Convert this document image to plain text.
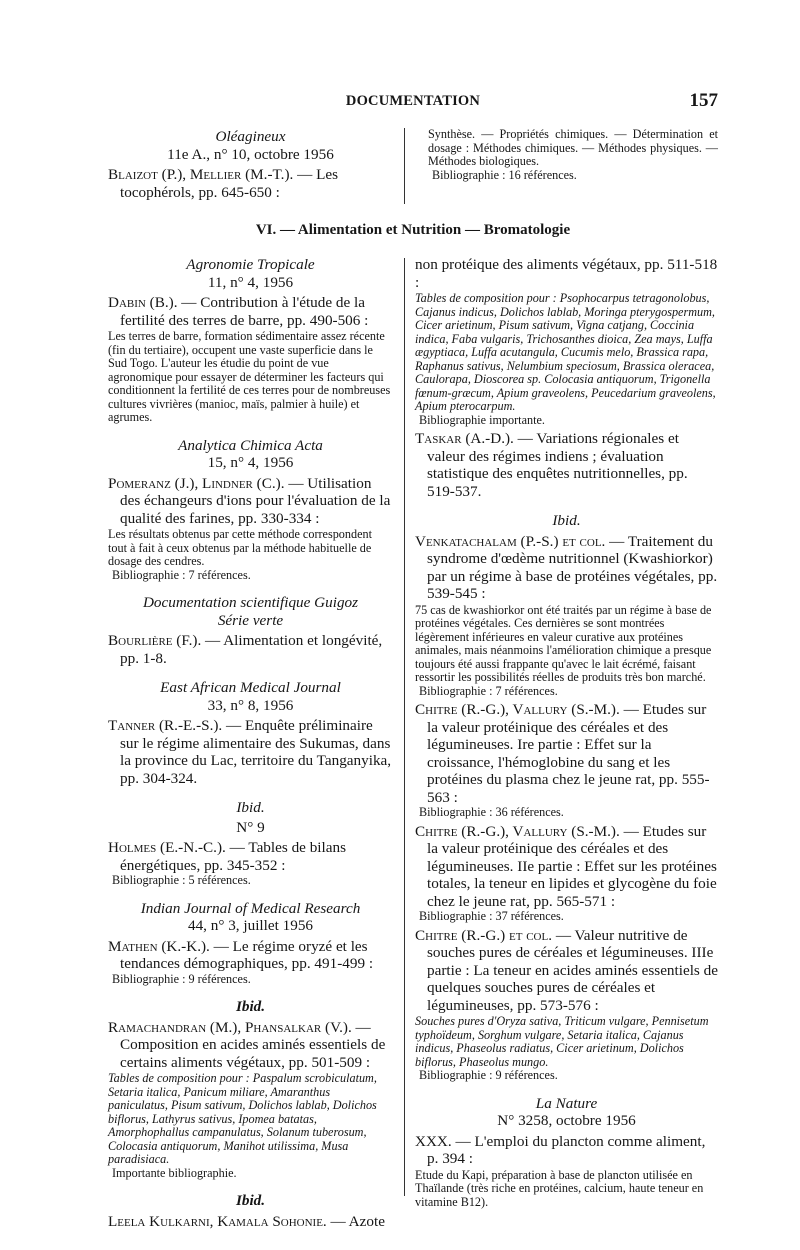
DOCUMENTATION	157

Oléagineux

11e A., n° 10, octobre 1956

Blaizot (P.), Mellier (M.-T.). — Les tocophérols, pp. 645-650 :

Synthèse. — Propriétés chimiques. — Détermination et dosage : Méthodes chimiques. — Méthodes physiques. — Méthodes biologiques.

Bibliographie : 16 références.

VI. — Alimentation et Nutrition — Bromatologie

Agronomie Tropicale

11, n° 4, 1956

Dabin (B.). — Contribution à l'étude de la fertilité des terres de barre, pp. 490-506 :

Les terres de barre, formation sédimentaire assez récente (fin du tertiaire), occupent une vaste superficie dans le Sud Togo. L'auteur les étudie du point de vue agronomique pour essayer de déterminer les facteurs qui conditionnent la fertilité de ces terres pour de nombreuses cultures vivrières (manioc, maïs, palmier à huile) et agrumes.

Analytica Chimica Acta

15, n° 4, 1956

Pomeranz (J.), Lindner (C.). — Utilisation des échangeurs d'ions pour l'évaluation de la qualité des farines, pp. 330-334 :

Les résultats obtenus par cette méthode correspondent tout à fait à ceux obtenus par la méthode habituelle de dosage des cendres.

Bibliographie : 7 références.

Documentation scientifique Guigoz

Série verte

Bourlière (F.). — Alimentation et longévité, pp. 1-8.

East African Medical Journal

33, n° 8, 1956

Tanner (R.-E.-S.). — Enquête préliminaire sur le régime alimentaire des Sukumas, dans la province du Lac, territoire du Tanganyika, pp. 304-324.

Ibid.

N° 9

Holmes (E.-N.-C.). — Tables de bilans énergétiques, pp. 345-352 :

Bibliographie : 5 références.

Indian Journal of Medical Research

44, n° 3, juillet 1956

Mathen (K.-K.). — Le régime oryzé et les tendances démographiques, pp. 491-499 :

Bibliographie : 9 références.

Ibid.

Ramachandran (M.), Phansalkar (V.). — Composition en acides aminés essentiels de certains aliments végétaux, pp. 501-509 :

Tables de composition pour : Paspalum scrobiculatum, Setaria italica, Panicum miliare, Amaranthus paniculatus, Pisum sativum, Dolichos lablab, Dolichos biflorus, Lathyrus sativus, Ipomea batatas, Amorphophallus campanulatus, Solanum tuberosum, Colocasia antiquorum, Manihot utilissima, Musa paradisiaca.

Importante bibliographie.

Ibid.

Leela Kulkarni, Kamala Sohonie. — Azote

non protéique des aliments végétaux, pp. 511-518 :

Tables de composition pour : Psophocarpus tetragonolobus, Cajanus indicus, Dolichos lablab, Moringa pterygospermum, Cicer arietinum, Pisum sativum, Vigna catjang, Coccinia indica, Faba vulgaris, Trichosanthes dioica, Zea mays, Luffa ægyptiaca, Luffa acutangula, Cucumis melo, Brassica rapa, Raphanus sativus, Nelumbium speciosum, Brassica oleracea, Caulorapa, Dioscorea sp. Colocasia antiquorum, Trigonella fœnum-græcum, Apium graveolens, Peucedarium graveolens, Apium pterocarpum.

Bibliographie importante.

Taskar (A.-D.). — Variations régionales et valeur des régimes indiens ; évaluation statistique des enquêtes nutritionnelles, pp. 519-537.

Ibid.

Venkatachalam (P.-S.) et col. — Traitement du syndrome d'œdème nutritionnel (Kwashiorkor) par un régime à base de protéines végétales, pp. 539-545 :

75 cas de kwashiorkor ont été traités par un régime à base de protéines végétales. Ces dernières se sont montrées légèrement inférieures en valeur curative aux protéines animales, mais néanmoins l'amélioration chimique a presque toujours été aussi frappante qu'avec le lait écrémé, faisant ressortir les possibilités réelles de produits très bon marché.

Bibliographie : 7 références.

Chitre (R.-G.), Vallury (S.-M.). — Etudes sur la valeur protéinique des céréales et des légumineuses. Ire partie : Effet sur la croissance, l'hémoglobine du sang et les protéines du plasma chez le jeune rat, pp. 555-563 :

Bibliographie : 36 références.

Chitre (R.-G.), Vallury (S.-M.). — Etudes sur la valeur protéinique des céréales et des légumineuses. IIe partie : Effet sur les protéines totales, la teneur en lipides et glycogène du foie chez le jeune rat, pp. 565-571 :

Bibliographie : 37 références.

Chitre (R.-G.) et col. — Valeur nutritive de souches pures de céréales et légumineuses. IIIe partie : La teneur en acides aminés essentiels de quelques souches pures de céréales et légumineuses, pp. 573-576 :

Souches pures d'Oryza sativa, Triticum vulgare, Pennisetum typhoïdeum, Sorghum vulgare, Setaria italica, Cajanus indicus, Phaseolus radiatus, Cicer arietinum, Dolichos biflorus, Phaseolus mungo.

Bibliographie : 9 références.

La Nature

N° 3258, octobre 1956

XXX. — L'emploi du plancton comme aliment, p. 394 :

Etude du Kapi, préparation à base de plancton utilisée en Thaïlande (très riche en protéines, calcium, haute teneur en vitamine B12).
